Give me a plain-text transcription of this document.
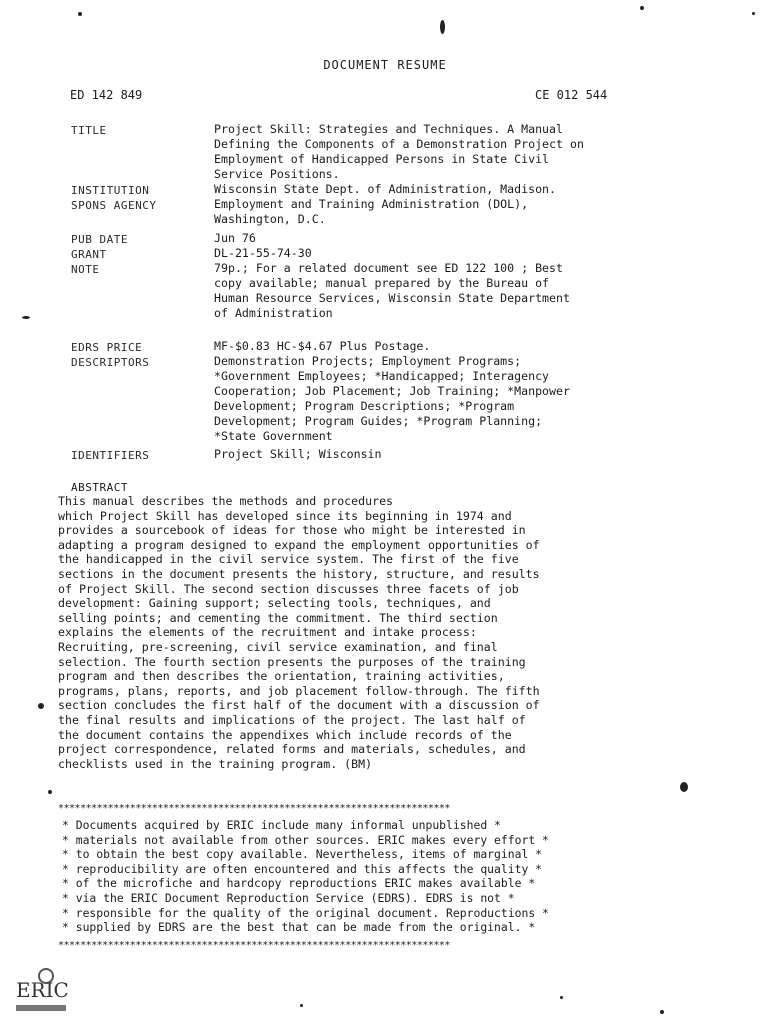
DOCUMENT RESUME
ED 142 849	CE 012 544
TITLE	Project Skill: Strategies and Techniques. A Manual
Defining the Components of a Demonstration Project on
Employment of Handicapped Persons in State Civil
Service Positions.
INSTITUTION	Wisconsin State Dept. of Administration, Madison.
SPONS AGENCY	Employment and Training Administration (DOL),
Washington, D.C.
PUB DATE	Jun 76
GRANT	DL-21-55-74-30
NOTE	79p.; For a related document see ED 122 100 ; Best
copy available; manual prepared by the Bureau of
Human Resource Services, Wisconsin State Department
of Administration
EDRS PRICE	MF-$0.83 HC-$4.67 Plus Postage.
DESCRIPTORS	Demonstration Projects; Employment Programs;
*Government Employees; *Handicapped; Interagency
Cooperation; Job Placement; Job Training; *Manpower
Development; Program Descriptions; *Program
Development; Program Guides; *Program Planning;
*State Government
IDENTIFIERS	Project Skill; Wisconsin
ABSTRACT
This manual describes the methods and procedures
which Project Skill has developed since its beginning in 1974 and
provides a sourcebook of ideas for those who might be interested in
adapting a program designed to expand the employment opportunities of
the handicapped in the civil service system. The first of the five
sections in the document presents the history, structure, and results
of Project Skill. The second section discusses three facets of job
development: Gaining support; selecting tools, techniques, and
selling points; and cementing the commitment. The third section
explains the elements of the recruitment and intake process:
Recruiting, pre-screening, civil service examination, and final
selection. The fourth section presents the purposes of the training
program and then describes the orientation, training activities,
programs, plans, reports, and job placement follow-through. The fifth
section concludes the first half of the document with a discussion of
the final results and implications of the project. The last half of
the document contains the appendixes which include records of the
project correspondence, related forms and materials, schedules, and
checklists used in the training program. (BM)
***********************************************************************
* Documents acquired by ERIC include many informal unpublished *
* materials not available from other sources. ERIC makes every effort *
* to obtain the best copy available. Nevertheless, items of marginal *
* reproducibility are often encountered and this affects the quality *
* of the microfiche and hardcopy reproductions ERIC makes available *
* via the ERIC Document Reproduction Service (EDRS). EDRS is not *
* responsible for the quality of the original document. Reproductions *
* supplied by EDRS are the best that can be made from the original. *
***********************************************************************
ERIC
